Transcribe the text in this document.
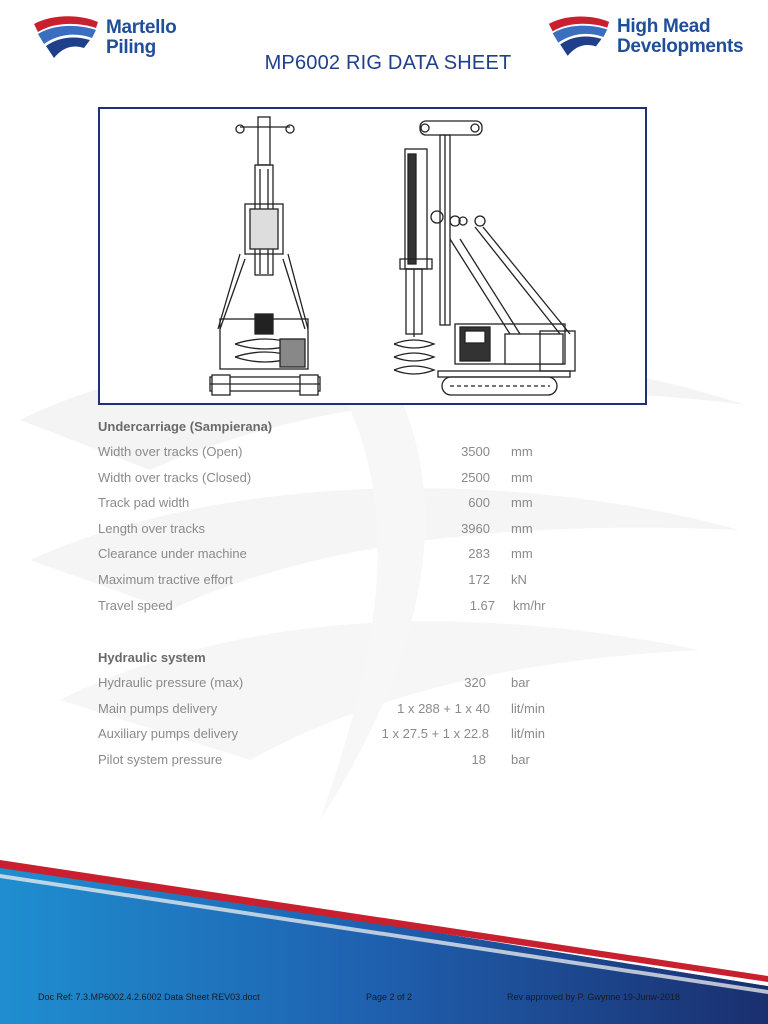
Martello
Piling
High Mead
Developments
MP6002 RIG DATA SHEET
Undercarriage (Sampierana)
Width over tracks (Open)	3500 mm
Width over tracks (Closed)	2500 mm
Track pad width	600 mm
Length over tracks	3960 mm
Clearance under machine	283 mm
Maximum tractive effort	172 kN
Travel speed	1.67 km/hr
Hydraulic system
Hydraulic pressure (max)	320 bar
Main pumps delivery	1 x 288 + 1 x 40 lit/min
Auxiliary pumps delivery	1 x 27.5 + 1 x 22.8 lit/min
Pilot system pressure	18 bar
Doc Ref: 7.3.MP6002.4.2.6002 Data Sheet REV03.doct	Page 2 of 2	Rev approved by P. Gwynne 19-Junw-2018
